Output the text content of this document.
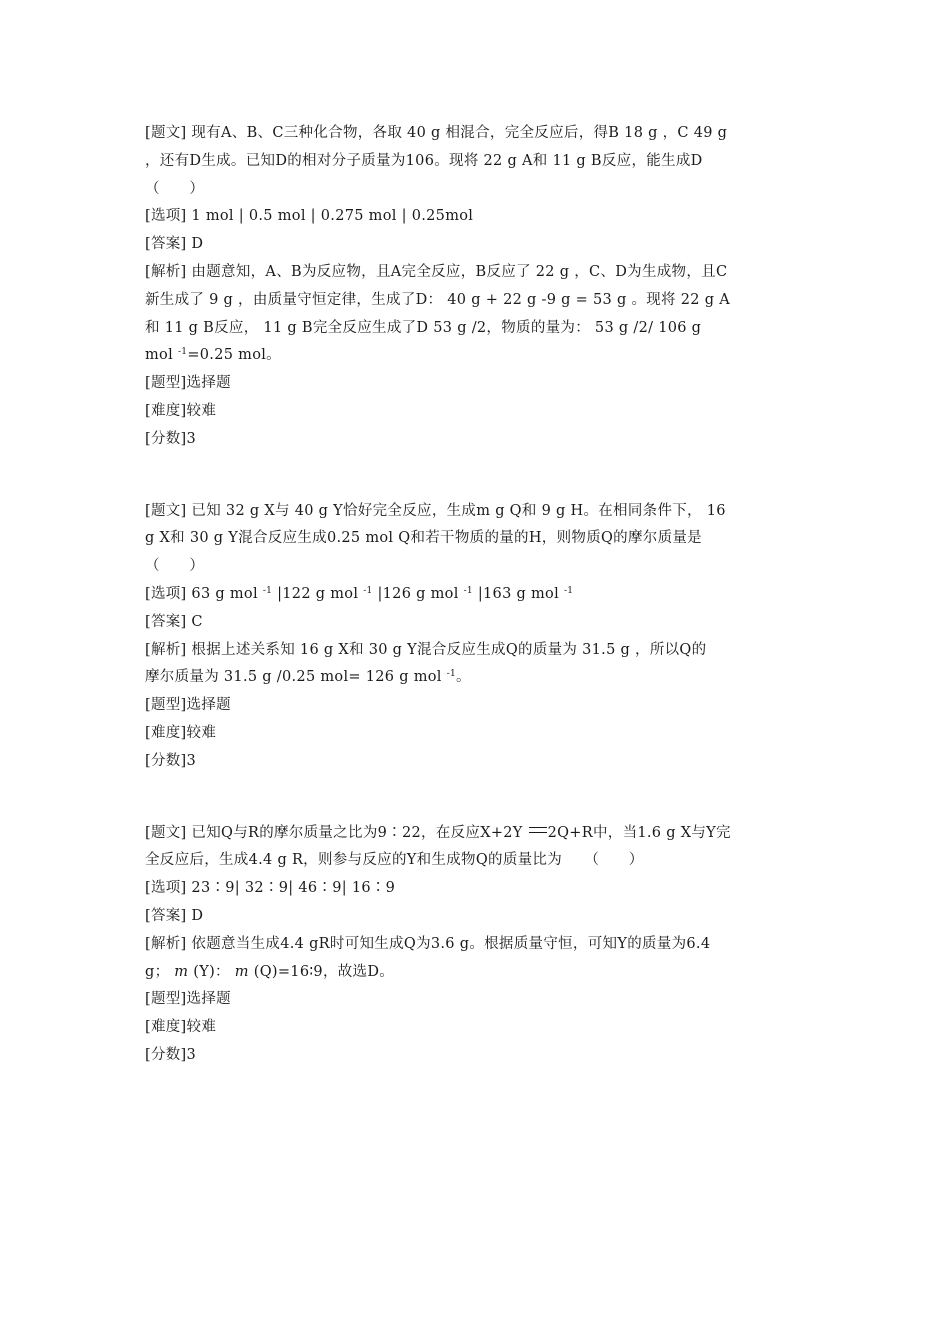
[题文] 现有A、B、C三种化合物，各取 40 g 相混合，完全反应后，得B 18 g ，C 49 g
，还有D生成。已知D的相对分子质量为106。现将 22 g A和 11 g B反应，能生成D
（　　）
[选项] 1 mol | 0.5 mol | 0.275 mol | 0.25mol
[答案] D
[解析] 由题意知，A、B为反应物，且A完全反应，B反应了 22 g ，C、D为生成物，且C
新生成了 9 g ，由质量守恒定律，生成了D： 40 g + 22 g -9 g = 53 g 。现将 22 g A
和 11 g B反应， 11 g B完全反应生成了D 53 g /2，物质的量为： 53 g /2/ 106 g
mol $^{-1}$=0.25 mol。
[题型]选择题
[难度]较难
[分数]3
[题文] 已知 32 g X与 40 g Y恰好完全反应，生成m g Q和 9 g H。在相同条件下， 16
g X和 30 g Y混合反应生成0.25 mol Q和若干物质的量的H，则物质Q的摩尔质量是
（　　）
[选项] 63 g mol $^{-1}$ |122 g mol $^{-1}$ |126 g mol $^{-1}$ |163 g mol $^{-1}$
[答案] C
[解析] 根据上述关系知 16 g X和 30 g Y混合反应生成Q的质量为 31.5 g ，所以Q的
摩尔质量为 31.5 g /0.25 mol= 126 g mol $^{-1}$。
[题型]选择题
[难度]较难
[分数]3
[题文] 已知Q与R的摩尔质量之比为9∶22，在反应X+2Y 2Q+R中，当1.6 g X与Y完
全反应后，生成4.4 g R，则参与反应的Y和生成物Q的质量比为　　（　　）
[选项] 23∶9| 32∶9| 46∶9| 16∶9
[答案] D
[解析] 依题意当生成4.4 gR时可知生成Q为3.6 g。根据质量守恒，可知Y的质量为6.4
g； m (Y)： m (Q)=16∶9，故选D。
[题型]选择题
[难度]较难
[分数]3
